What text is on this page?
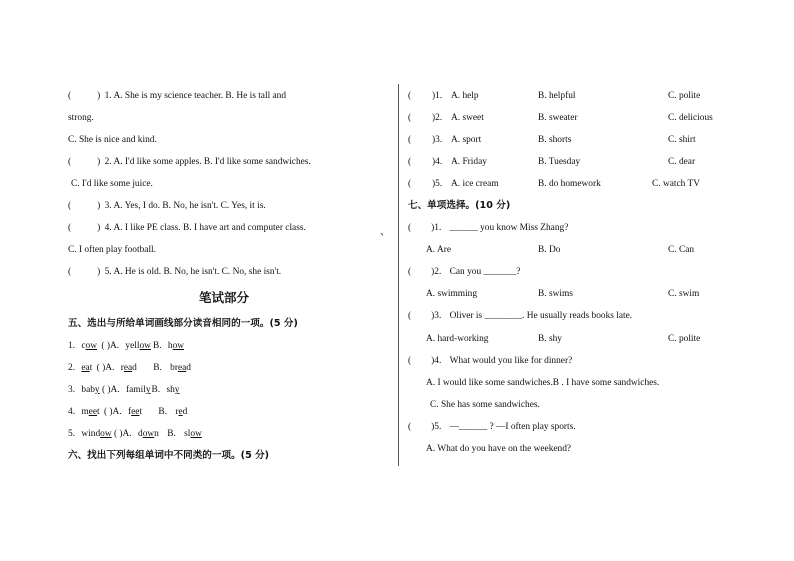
、
(	) 1. A. She is my science teacher. B. He is tall and
strong.
C. She is nice and kind.
(	) 2. A. I'd like some apples. B. I'd like some sandwiches.
C. I'd like some juice.
(	) 3. A. Yes, I do. B. No, he isn't. C. Yes, it is.
(	) 4. A. I like PE class. B. I have art and computer class.
C. I often play football.
(	) 5. A. He is old. B. No, he isn't. C. No, she isn't.
笔试部分
五、选出与所给单词画线部分读音相同的一项。(5 分)
1. cow ( )A. yellow B. how
2. eat ( )A. read B. bread
3. baby ( )A. familyB. shy
4. meet ( )A. feet B. red
5. window ( )A. down B. slow
六、找出下列每组单词中不同类的一项。(5 分)
( )1. A. help	B. helpful	C. polite
( )2. A. sweet	B. sweater	C. delicious
( )3. A. sport	B. shorts	C. shirt
( )4. A. Friday	B. Tuesday	C. dear
( )5. A. ice cream	B. do homework	C. watch TV
七、单项选择。(10 分)
( )1. ______ you know Miss Zhang?
A. Are	B. Do	C. Can
( )2. Can you _______?
A. swimming	B. swims	C. swim
( )3. Oliver is ________. He usually reads books late.
A. hard-working	B. shy	C. polite
( )4. What would you like for dinner?
A. I would like some sandwiches.B . I have some sandwiches.
C. She has some sandwiches.
( )5. —______ ? —I often play sports.
A. What do you have on the weekend?
